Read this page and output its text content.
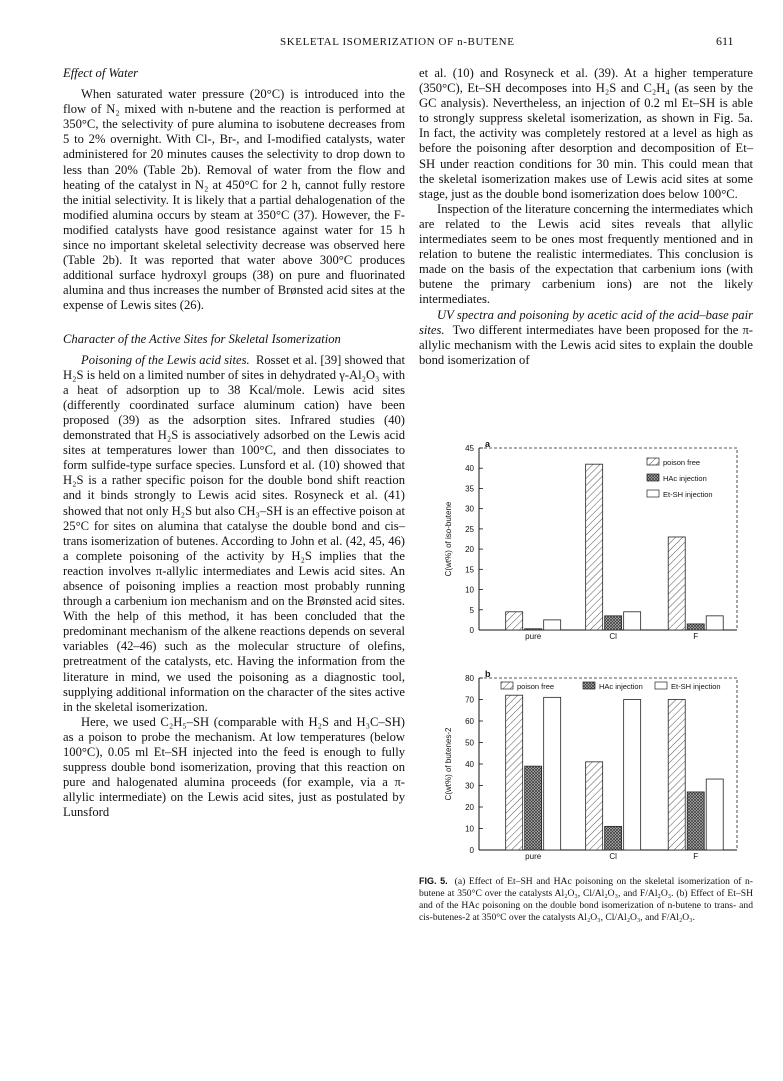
SKELETAL ISOMERIZATION OF n-BUTENE	611
Effect of Water

When saturated water pressure (20°C) is introduced into the flow of N₂ mixed with n-butene and the reaction is performed at 350°C, the selectivity of pure alumina to isobutene decreases from 5 to 2% overnight. With Cl-, Br-, and I-modified catalysts, water administered for 20 minutes causes the selectivity to drop down to less than 20% (Table 2b). Removal of water from the flow and heating of the catalyst in N₂ at 450°C for 2 h, cannot fully restore the initial selectivity. It is likely that a partial dehalogenation of the modified alumina occurs by steam at 350°C (37). However, the F-modified catalysts have good resistance against water for 15 h since no important skeletal selectivity decrease was observed here (Table 2b). It was reported that water above 300°C produces additional surface hydroxyl groups (38) on pure and fluorinated alumina and thus increases the number of Brønsted acid sites at the expense of Lewis sites (26).

Character of the Active Sites for Skeletal Isomerization

Poisoning of the Lewis acid sites. Rosset et al. [39] showed that H₂S is held on a limited number of sites in dehydrated γ-Al₂O₃ with a heat of adsorption up to 38 Kcal/mole. Lewis acid sites (differently coordinated surface aluminum cation) have been proposed (39) as the adsorption sites. Infrared studies (40) demonstrated that H₂S is associatively adsorbed on the Lewis acid sites at temperatures lower than 100°C, and then dissociates to form sulfide-type surface species. Lunsford et al. (10) showed that H₂S is a rather specific poison for the double bond shift reaction and it binds strongly to Lewis acid sites. Rosyneck et al. (41) showed that not only H₂S but also CH₃–SH is an effective poison at 25°C for sites on alumina that catalyse the double bond and cis–trans isomerization of butenes. According to John et al. (42, 45, 46) a complete poisoning of the activity by H₂S implies that the reaction involves π-allylic intermediates and Lewis acid sites. An absence of poisoning implies a reaction most probably running through a carbenium ion mechanism and on the Brønsted acid sites. With the help of this method, it has been concluded that the predominant mechanism of the alkene reactions depends on several variables (42–46) such as the molecular structure of olefins, pretreatment of the catalysts, etc. Having the information from the literature in mind, we used the poisoning as a diagnostic tool, supplying additional information on the character of the sites active in the skeletal isomerization.

Here, we used C₂H₅–SH (comparable with H₂S and H₃C–SH) as a poison to probe the mechanism. At low temperatures (below 100°C), 0.05 ml Et–SH injected into the feed is enough to fully suppress double bond isomerization, proving that this reaction on pure and halogenated alumina proceeds (for example, via a π-allylic intermediate) on the Lewis acid sites, just as postulated by Lunsford

et al. (10) and Rosyneck et al. (39). At a higher temperature (350°C), Et–SH decomposes into H₂S and C₂H₄ (as seen by the GC analysis). Nevertheless, an injection of 0.2 ml Et–SH is able to strongly suppress skeletal isomerization, as shown in Fig. 5a. In fact, the activity was completely restored at a level as high as before the poisoning after desorption and decomposition of Et–SH under reaction conditions for 30 min. This could mean that the skeletal isomerization makes use of Lewis acid sites at some stage, just as the double bond isomerization does below 100°C.

Inspection of the literature concerning the intermediates which are related to the Lewis acid sites reveals that allylic intermediates seem to be ones most frequently mentioned and in relation to butene the realistic intermediates. This conclusion is made on the basis of the expectation that carbenium ions (with butene the primary carbenium ions) are not the likely intermediates.

UV spectra and poisoning by acetic acid of the acid–base pair sites. Two different intermediates have been proposed for the π-allylic mechanism with the Lewis acid sites to explain the double bond isomerization of

0
5
10
15
20
25
30
35
40
45
C(wt%) of iso-butene
a
pure	Cl	F
poison free
HAc injection
Et-SH injection
0
10
20
30
40
50
60
70
80
C(wt%) of butenes-2
b
pure	Cl	F
poison free	HAc injection	Et-SH injection
FIG. 5. (a) Effect of Et–SH and HAc poisoning on the skeletal isomerization of n-butene at 350°C over the catalysts Al₂O₃, Cl/Al₂O₃, and F/Al₂O₃. (b) Effect of Et–SH and of the HAc poisoning on the double bond isomerization of n-butene to trans- and cis-butenes-2 at 350°C over the catalysts Al₂O₃, Cl/Al₂O₃, and F/Al₂O₃.
